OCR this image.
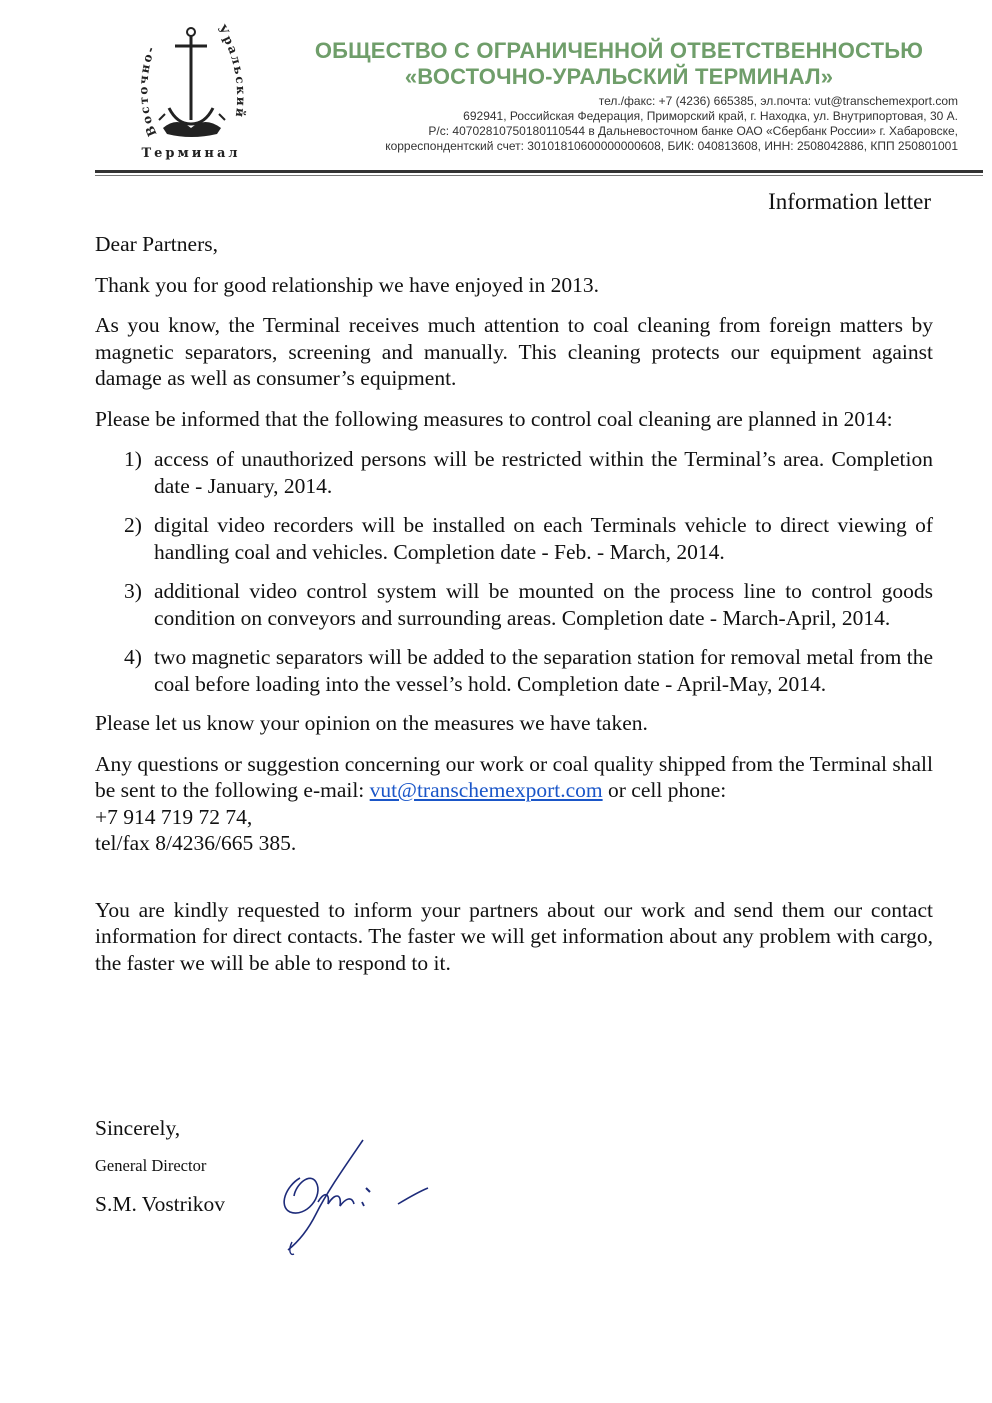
Восточно-
Уральский
Терминал
ОБЩЕСТВО С ОГРАНИЧЕННОЙ ОТВЕТСТВЕННОСТЬЮ
«ВОСТОЧНО-УРАЛЬСКИЙ ТЕРМИНАЛ»
тел./факс: +7 (4236) 665385, эл.почта: vut@transchemexport.com
692941, Российская Федерация, Приморский край, г. Находка, ул. Внутрипортовая, 30 А.
Р/с: 40702810750180110544 в Дальневосточном банке ОАО «Сбербанк России» г. Хабаровске,
корреспондентский счет: 30101810600000000608, БИК: 040813608, ИНН: 2508042886, КПП 250801001
Information letter

Dear Partners,

Thank you for good relationship we have enjoyed in 2013.

As you know, the Terminal receives much attention to coal cleaning from foreign matters by magnetic separators, screening and manually. This cleaning protects our equipment against damage as well as consumer’s equipment.

Please be informed that the following measures to control coal cleaning are planned in 2014:

1) access of unauthorized persons will be restricted within the Terminal’s area. Completion date - January, 2014.
2) digital video recorders will be installed on each Terminals vehicle to direct viewing of handling coal and vehicles. Completion date - Feb. - March, 2014.
3) additional video control system will be mounted on the process line to control goods condition on conveyors and surrounding areas. Completion date - March-April, 2014.
4) two magnetic separators will be added to the separation station for removal metal from the coal before loading into the vessel’s hold. Completion date - April-May, 2014.

Please let us know your opinion on the measures we have taken.

Any questions or suggestion concerning our work or coal quality shipped from the Terminal shall be sent to the following e-mail: vut@transchemexport.com or cell phone:
+7 914 719 72 74,
tel/fax 8/4236/665 385.

You are kindly requested to inform your partners about our work and send them our contact information for direct contacts. The faster we will get information about any problem with cargo, the faster we will be able to respond to it.

Sincerely,
General Director
S.M. Vostrikov
